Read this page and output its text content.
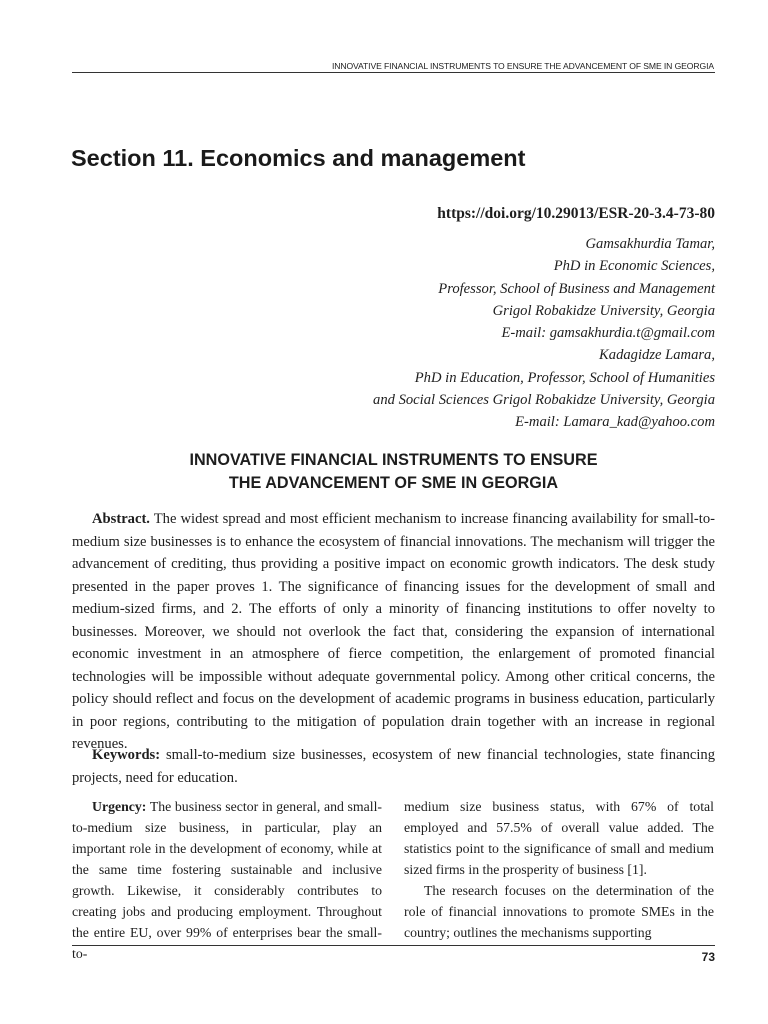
INNOVATIVE FINANCIAL INSTRUMENTS TO ENSURE THE ADVANCEMENT OF SME IN GEORGIA
Section 11. Economics and management
https://doi.org/10.29013/ESR-20-3.4-73-80
Gamsakhurdia Tamar,
PhD in Economic Sciences,
Professor, School of Business and Management
Grigol Robakidze University, Georgia
E-mail: gamsakhurdia.t@gmail.com
Kadagidze Lamara,
PhD in Education, Professor, School of Humanities
and Social Sciences Grigol Robakidze University, Georgia
E-mail: Lamara_kad@yahoo.com
INNOVATIVE FINANCIAL INSTRUMENTS TO ENSURE
THE ADVANCEMENT OF SME IN GEORGIA

Abstract. The widest spread and most efficient mechanism to increase financing availability for small-to-medium size businesses is to enhance the ecosystem of financial innovations. The mechanism will trigger the advancement of crediting, thus providing a positive impact on economic growth indicators. The desk study presented in the paper proves 1. The significance of financing issues for the development of small and medium-sized firms, and 2. The efforts of only a minority of financing institutions to offer novelty to businesses. Moreover, we should not overlook the fact that, considering the expansion of international economic investment in an atmosphere of fierce competition, the enlargement of promoted financial technologies will be impossible without adequate governmental policy. Among other critical concerns, the policy should reflect and focus on the development of academic programs in business education, particularly in poor regions, contributing to the mitigation of population drain together with an increase in regional revenues.

Keywords: small-to-medium size businesses, ecosystem of new financial technologies, state financing projects, need for education.

Urgency: The business sector in general, and small-to-medium size business, in particular, play an important role in the development of economy, while at the same time fostering sustainable and inclusive growth. Likewise, it considerably contributes to creating jobs and producing employment. Throughout the entire EU, over 99% of enterprises bear the small-to-

medium size business status, with 67% of total employed and 57.5% of overall value added. The statistics point to the significance of small and medium sized firms in the prosperity of business [1].

The research focuses on the determination of the role of financial innovations to promote SMEs in the country; outlines the mechanisms supporting

73
